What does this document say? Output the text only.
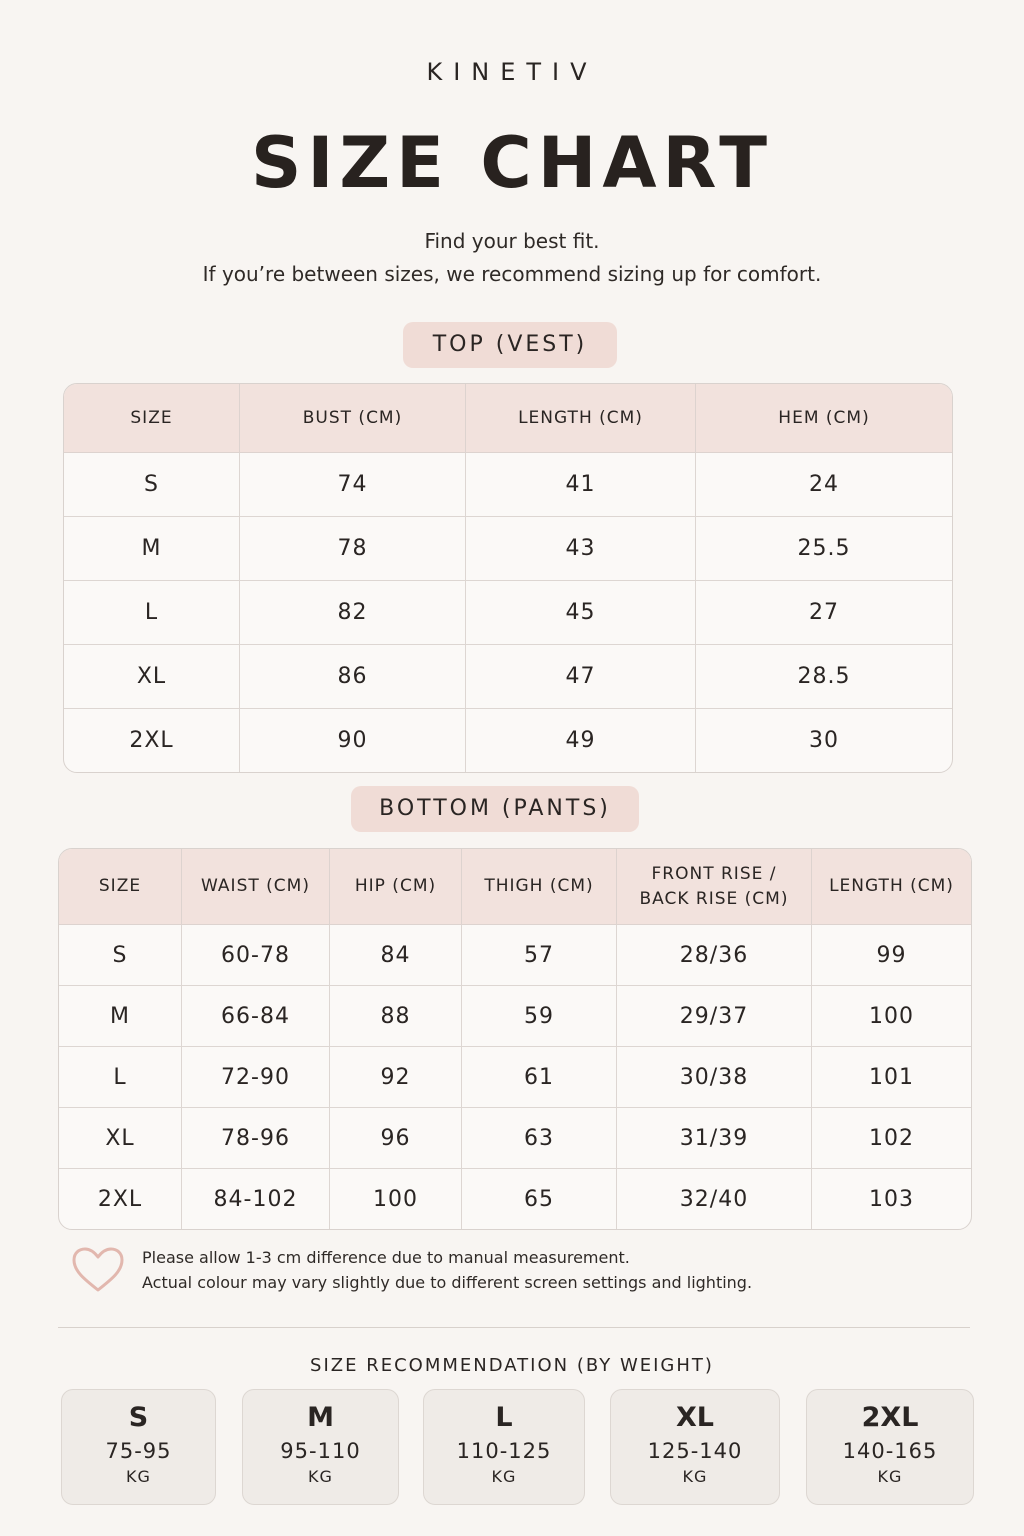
KINETIV
SIZE CHART
Find your best fit.
If you’re between sizes, we recommend sizing up for comfort.
TOP (VEST)
SIZE	BUST (CM)	LENGTH (CM)	HEM (CM)
S	74	41	24
M	78	43	25.5
L	82	45	27
XL	86	47	28.5
2XL	90	49	30
BOTTOM (PANTS)
SIZE	WAIST (CM)	HIP (CM)	THIGH (CM)	FRONT RISE /
BACK RISE (CM)	LENGTH (CM)
S	60-78	84	57	28/36	99
M	66-84	88	59	29/37	100
L	72-90	92	61	30/38	101
XL	78-96	96	63	31/39	102
2XL	84-102	100	65	32/40	103
Please allow 1-3 cm difference due to manual measurement.
Actual colour may vary slightly due to different screen settings and lighting.
SIZE RECOMMENDATION (BY WEIGHT)
S
75-95
KG
M
95-110
KG
L
110-125
KG
XL
125-140
KG
2XL
140-165
KG
